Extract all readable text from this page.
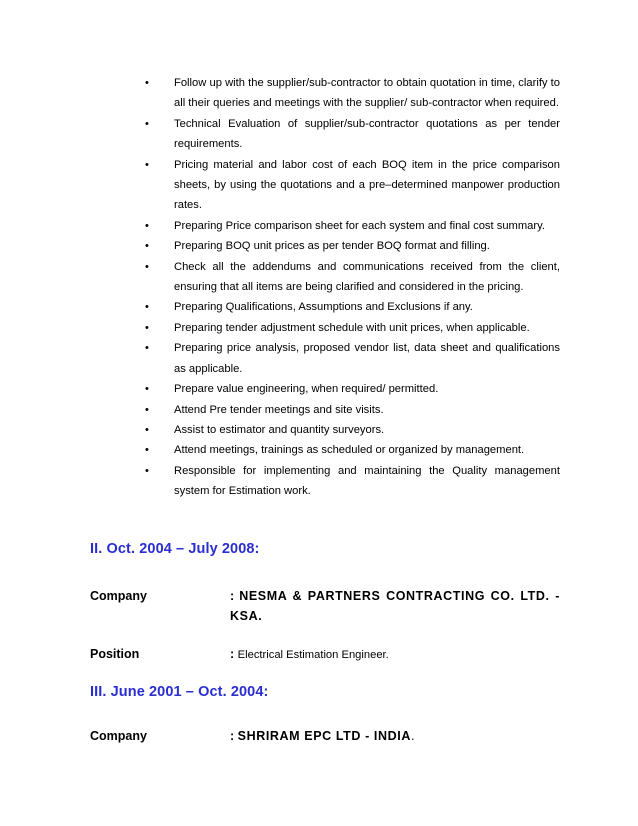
• Follow up with the supplier/sub-contractor to obtain quotation in time, clarify to all their queries and meetings with the supplier/ sub-contractor when required.
• Technical Evaluation of supplier/sub-contractor quotations as per tender requirements.
• Pricing material and labor cost of each BOQ item in the price comparison sheets, by using the quotations and a pre–determined manpower production rates.
• Preparing Price comparison sheet for each system and final cost summary.
• Preparing BOQ unit prices as per tender BOQ format and filling.
• Check all the addendums and communications received from the client, ensuring that all items are being clarified and considered in the pricing.
• Preparing Qualifications, Assumptions and Exclusions if any.
• Preparing tender adjustment schedule with unit prices, when applicable.
• Preparing price analysis, proposed vendor list, data sheet and qualifications as applicable.
• Prepare value engineering, when required/ permitted.
• Attend Pre tender meetings and site visits.
• Assist to estimator and quantity surveyors.
• Attend meetings, trainings as scheduled or organized by management.
• Responsible for implementing and maintaining the Quality management system for Estimation work.
II. Oct. 2004 – July 2008:
Company	: NESMA & PARTNERS CONTRACTING CO. LTD. - KSA.
Position	: Electrical Estimation Engineer.
III. June 2001 – Oct. 2004:
Company	: SHRIRAM EPC LTD - INDIA.
